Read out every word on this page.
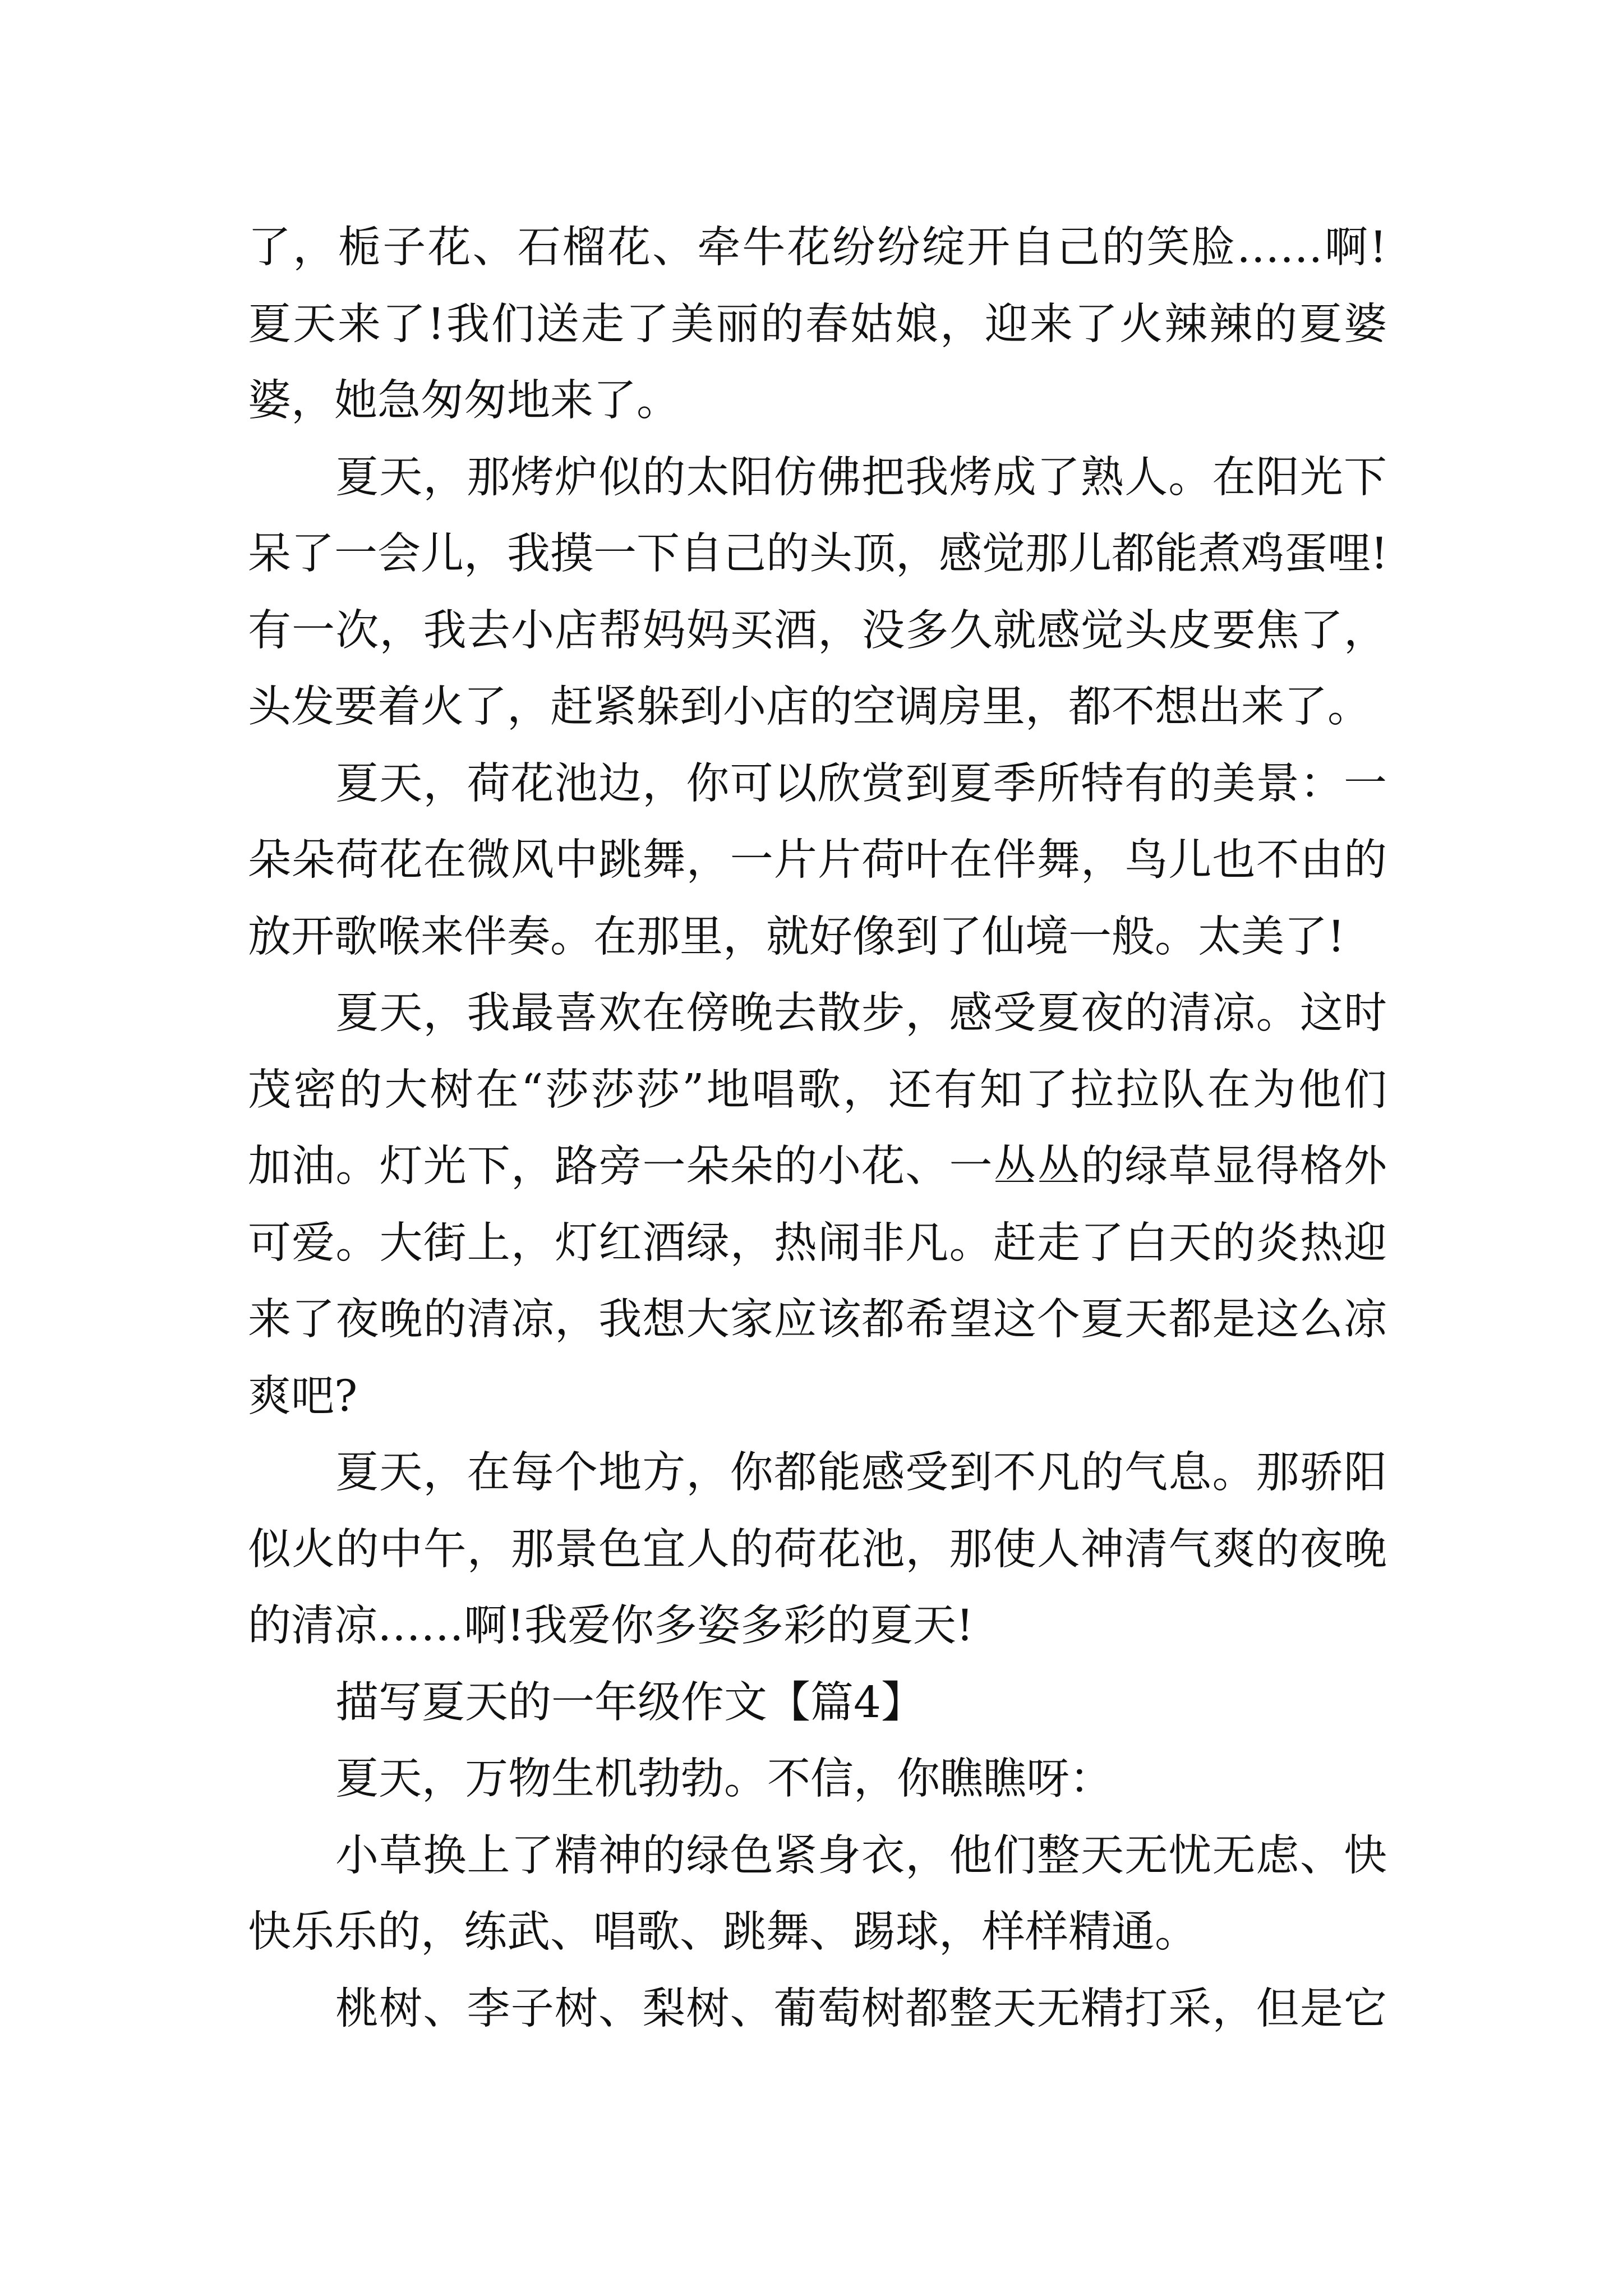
了，栀子花、石榴花、牵牛花纷纷绽开自己的笑脸……啊!
夏天来了!我们送走了美丽的春姑娘，迎来了火辣辣的夏婆
婆，她急匆匆地来了。
夏天，那烤炉似的太阳仿佛把我烤成了熟人。在阳光下
呆了一会儿，我摸一下自己的头顶，感觉那儿都能煮鸡蛋哩!
有一次，我去小店帮妈妈买酒，没多久就感觉头皮要焦了，
头发要着火了，赶紧躲到小店的空调房里，都不想出来了。
夏天，荷花池边，你可以欣赏到夏季所特有的美景：一
朵朵荷花在微风中跳舞，一片片荷叶在伴舞，鸟儿也不由的
放开歌喉来伴奏。在那里，就好像到了仙境一般。太美了!
夏天，我最喜欢在傍晚去散步，感受夏夜的清凉。这时
茂密的大树在“莎莎莎”地唱歌，还有知了拉拉队在为他们
加油。灯光下，路旁一朵朵的小花、一丛丛的绿草显得格外
可爱。大街上，灯红酒绿，热闹非凡。赶走了白天的炎热迎
来了夜晚的清凉，我想大家应该都希望这个夏天都是这么凉
爽吧?
夏天，在每个地方，你都能感受到不凡的气息。那骄阳
似火的中午，那景色宜人的荷花池，那使人神清气爽的夜晚
的清凉……啊!我爱你多姿多彩的夏天!
描写夏天的一年级作文【篇4】
夏天，万物生机勃勃。不信，你瞧瞧呀：
小草换上了精神的绿色紧身衣，他们整天无忧无虑、快
快乐乐的，练武、唱歌、跳舞、踢球，样样精通。
桃树、李子树、梨树、葡萄树都整天无精打采，但是它
